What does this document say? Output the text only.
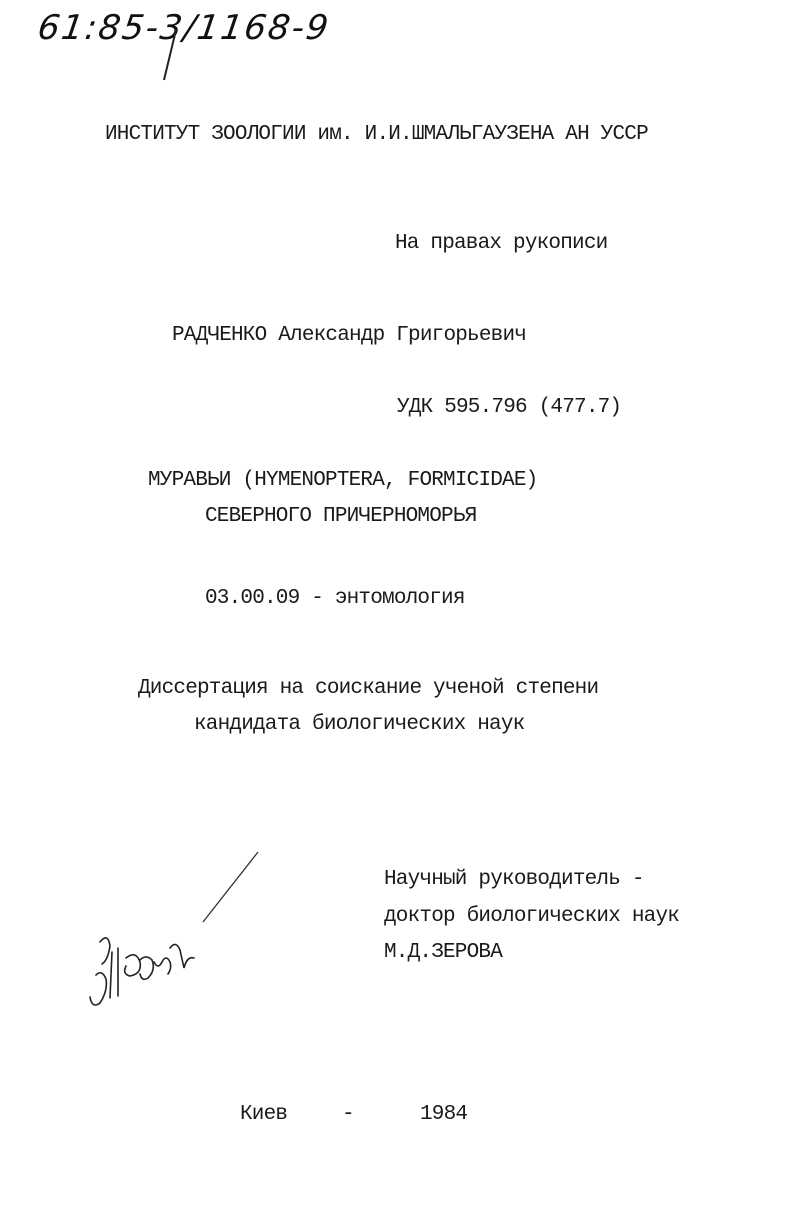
61:85-3/1168-9
ИНСТИТУТ ЗООЛОГИИ им. И.И.ШМАЛЬГАУЗЕНА АН УССР
На правах рукописи
РАДЧЕНКО Александр Григорьевич
УДК 595.796 (477.7)
МУРАВЬИ (HYMENOPTERA, FORMICIDAE)
СЕВЕРНОГО ПРИЧЕРНОМОРЬЯ
03.00.09 - энтомология
Диссертация на соискание ученой степени
кандидата биологических наук
Научный руководитель -
доктор биологических наук
М.Д.ЗЕРОВА
Киев	-	1984
